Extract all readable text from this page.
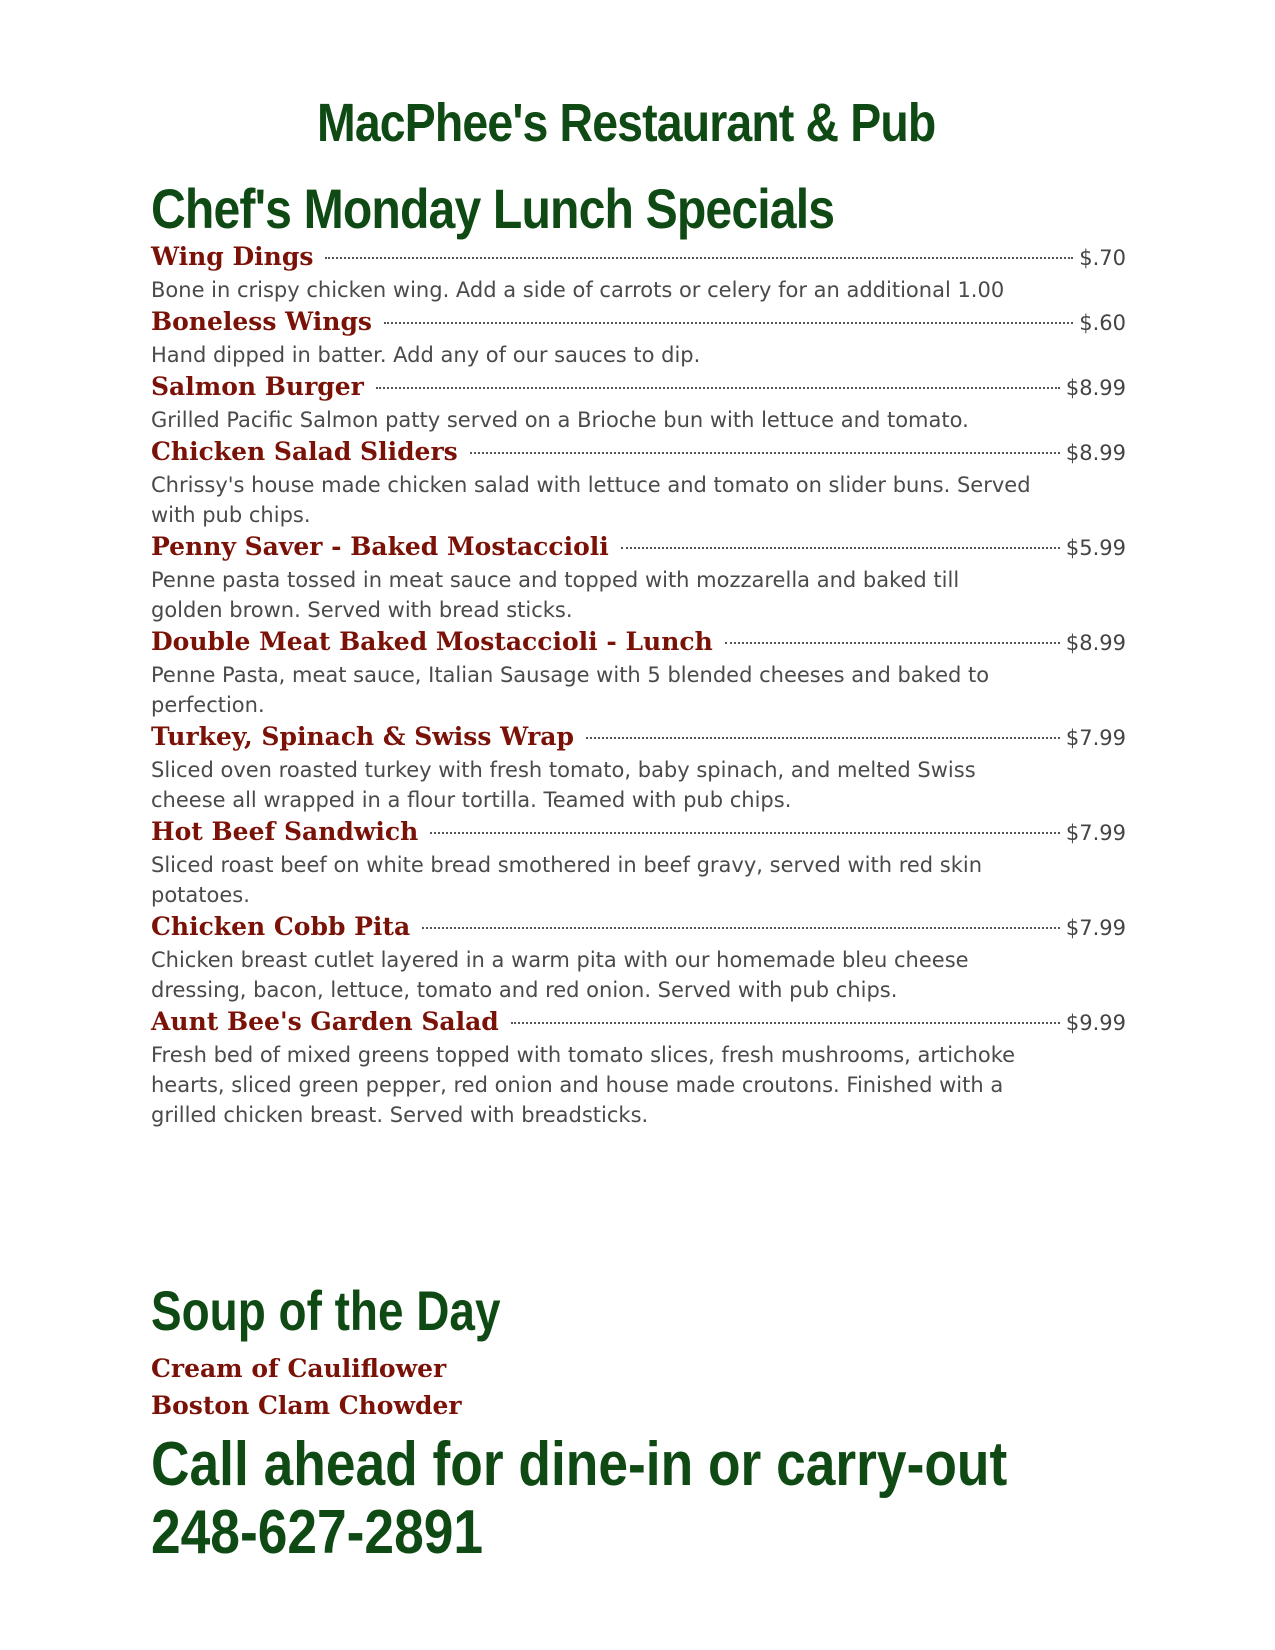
MacPhee's Restaurant & Pub
Chef's Monday Lunch Specials
Wing Dings	$.70
Bone in crispy chicken wing. Add a side of carrots or celery for an additional 1.00
Boneless Wings	$.60
Hand dipped in batter. Add any of our sauces to dip.
Salmon Burger	$8.99
Grilled Pacific Salmon patty served on a Brioche bun with lettuce and tomato.
Chicken Salad Sliders	$8.99
Chrissy's house made chicken salad with lettuce and tomato on slider buns. Served with pub chips.
Penny Saver - Baked Mostaccioli	$5.99
Penne pasta tossed in meat sauce and topped with mozzarella and baked till golden brown. Served with bread sticks.
Double Meat Baked Mostaccioli - Lunch	$8.99
Penne Pasta, meat sauce, Italian Sausage with 5 blended cheeses and baked to perfection.
Turkey, Spinach & Swiss Wrap	$7.99
Sliced oven roasted turkey with fresh tomato, baby spinach, and melted Swiss cheese all wrapped in a flour tortilla. Teamed with pub chips.
Hot Beef Sandwich	$7.99
Sliced roast beef on white bread smothered in beef gravy, served with red skin potatoes.
Chicken Cobb Pita	$7.99
Chicken breast cutlet layered in a warm pita with our homemade bleu cheese dressing, bacon, lettuce, tomato and red onion. Served with pub chips.
Aunt Bee's Garden Salad	$9.99
Fresh bed of mixed greens topped with tomato slices, fresh mushrooms, artichoke hearts, sliced green pepper, red onion and house made croutons. Finished with a grilled chicken breast. Served with breadsticks.
Soup of the Day
Cream of Cauliflower
Boston Clam Chowder
Call ahead for dine-in or carry-out
248-627-2891
